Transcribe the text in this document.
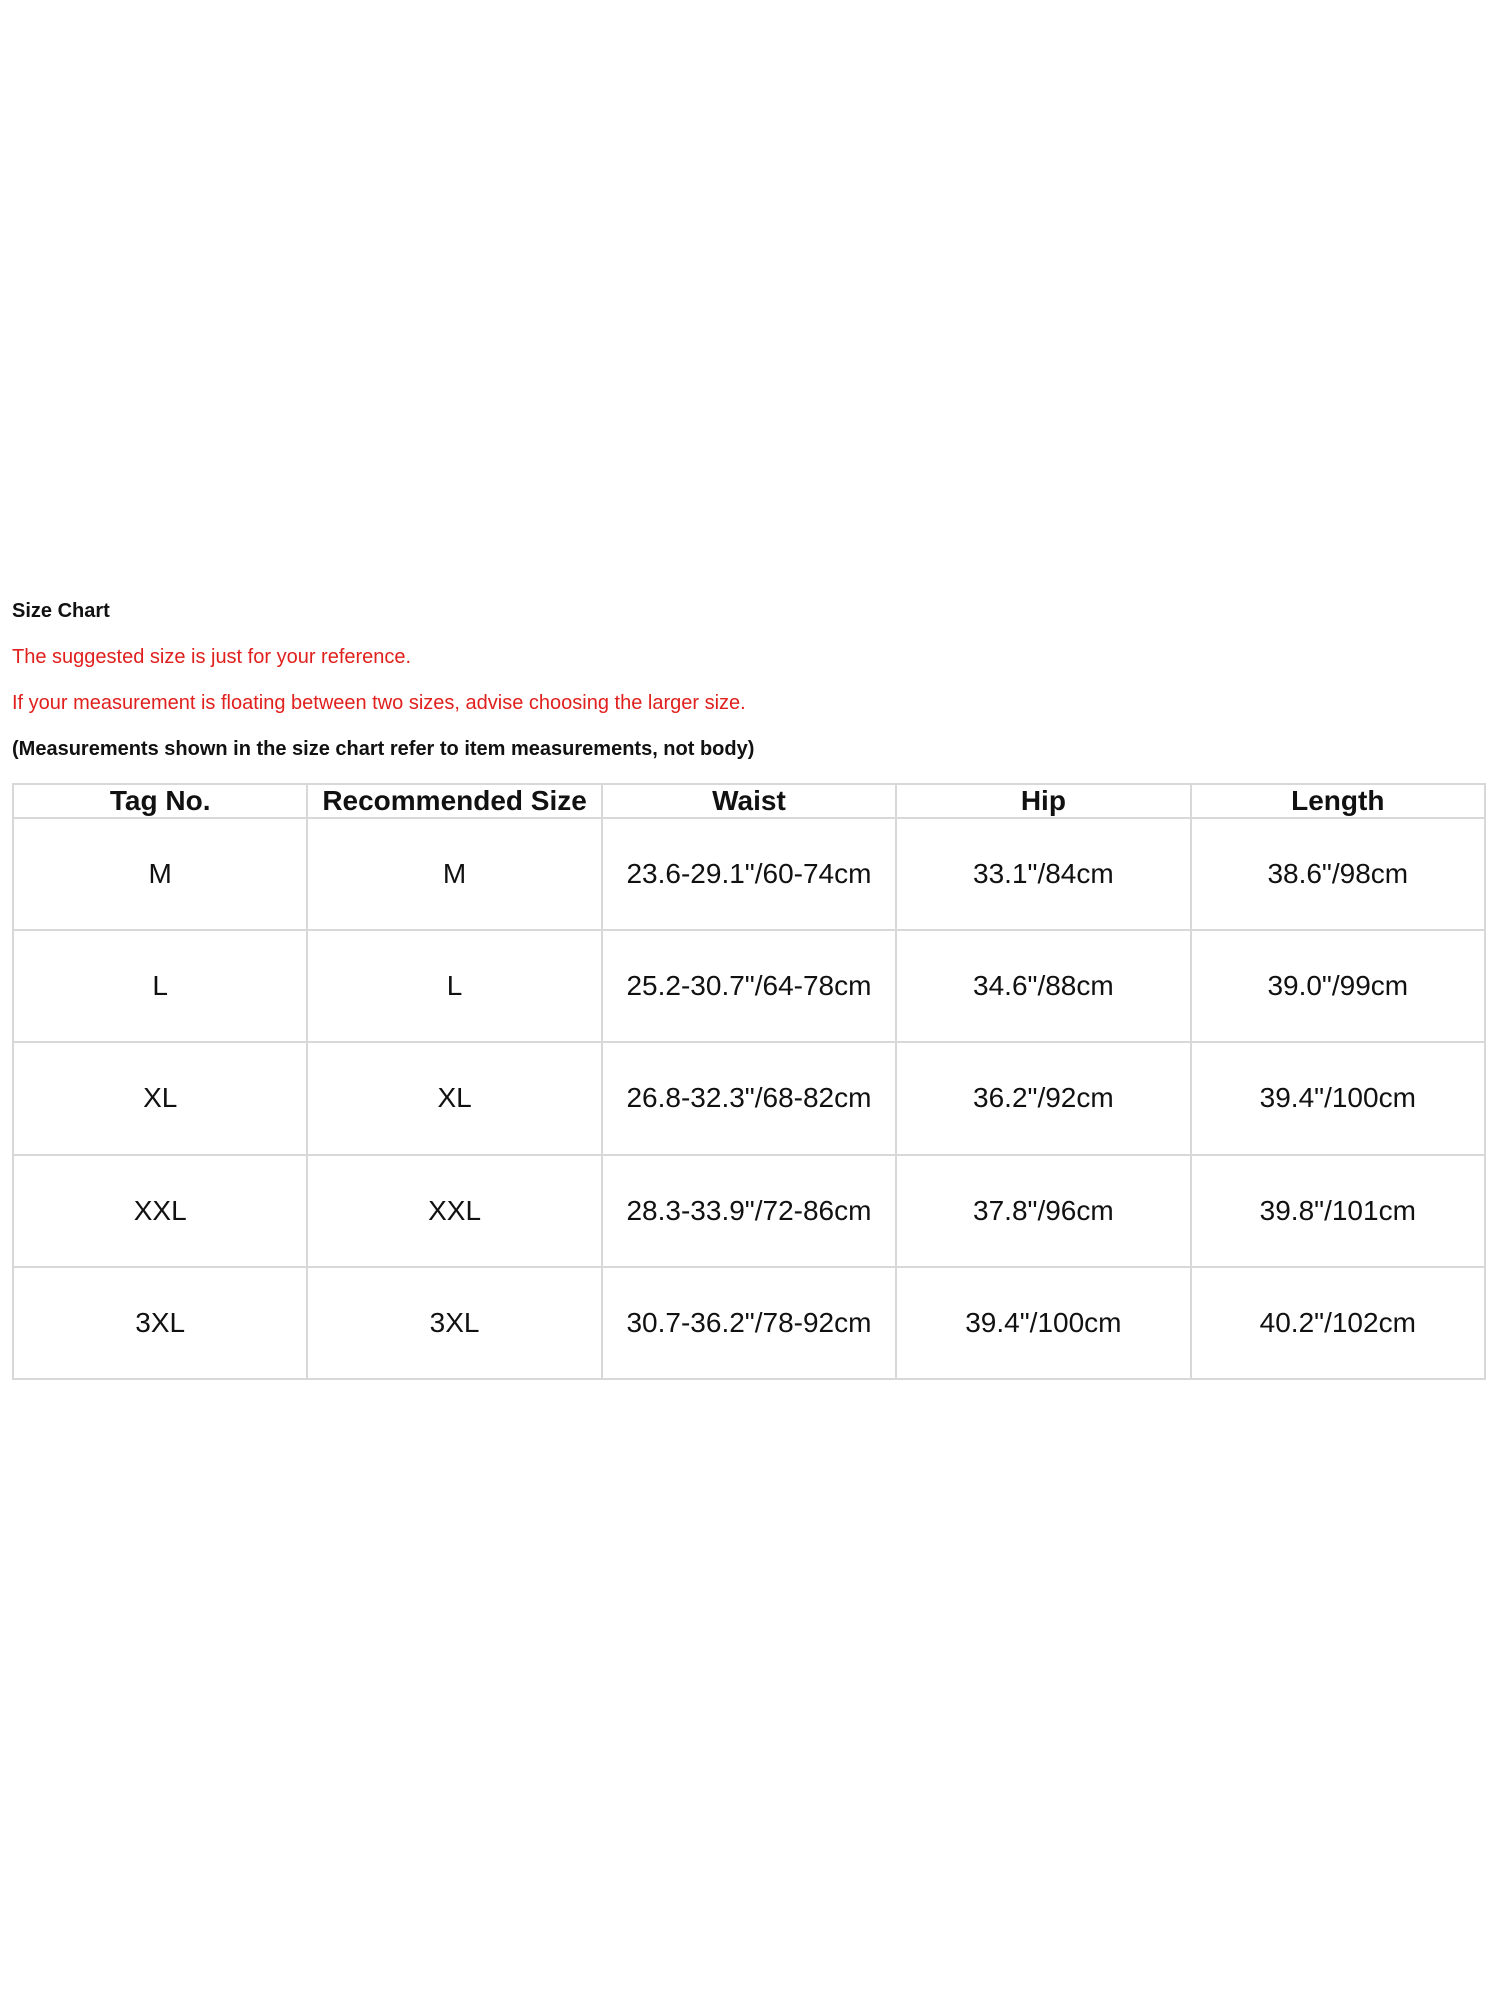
Size Chart
The suggested size is just for your reference.
If your measurement is floating between two sizes, advise choosing the larger size.
(Measurements shown in the size chart refer to item measurements, not body)
Tag No.	Recommended Size	Waist	Hip	Length
M	M	23.6-29.1"/60-74cm	33.1"/84cm	38.6"/98cm
L	L	25.2-30.7"/64-78cm	34.6"/88cm	39.0"/99cm
XL	XL	26.8-32.3"/68-82cm	36.2"/92cm	39.4"/100cm
XXL	XXL	28.3-33.9"/72-86cm	37.8"/96cm	39.8"/101cm
3XL	3XL	30.7-36.2"/78-92cm	39.4"/100cm	40.2"/102cm
